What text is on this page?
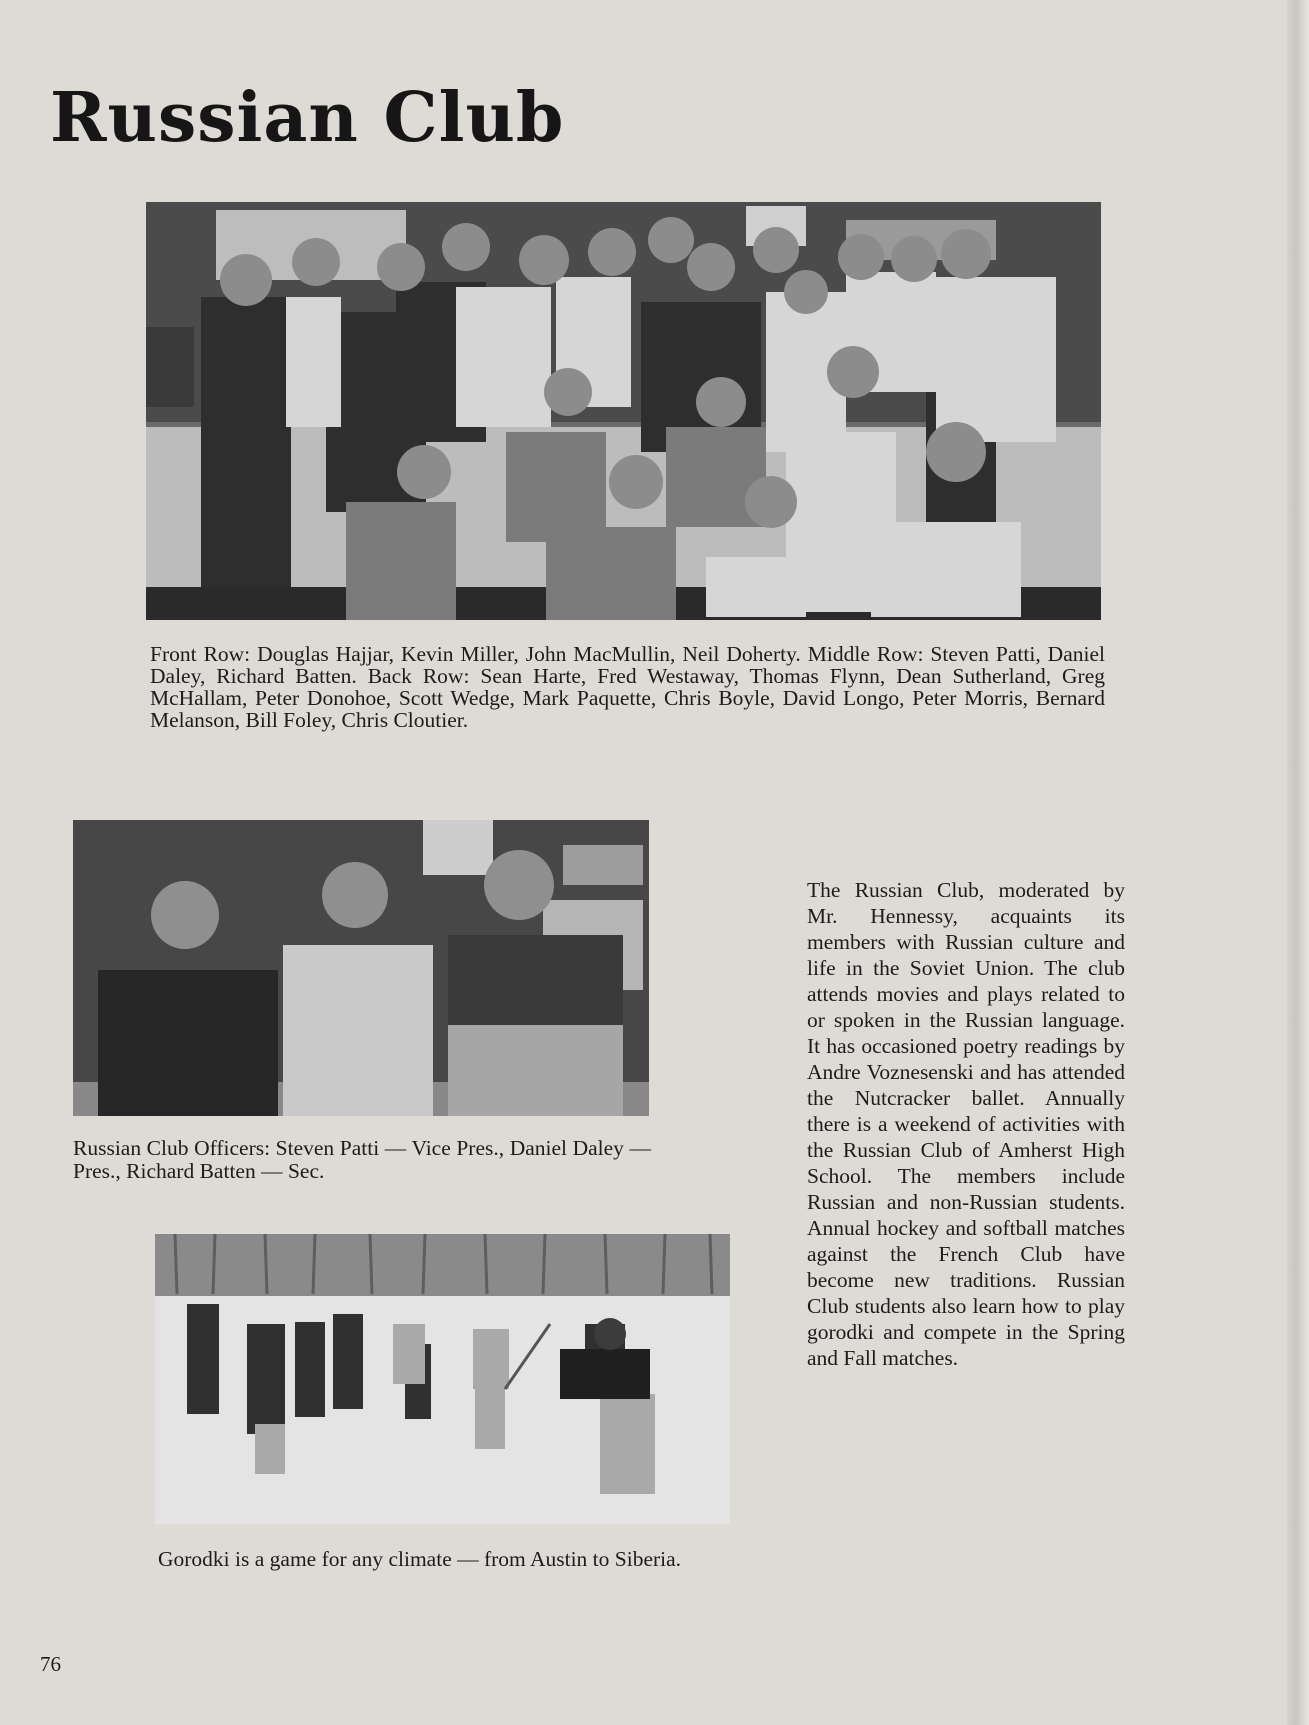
Russian Club

Front Row: Douglas Hajjar, Kevin Miller, John MacMullin, Neil Doherty. Middle Row: Steven Patti, Daniel Daley, Richard Batten. Back Row: Sean Harte, Fred Westaway, Thomas Flynn, Dean Sutherland, Greg McHallam, Peter Donohoe, Scott Wedge, Mark Paquette, Chris Boyle, David Longo, Peter Morris, Bernard Melanson, Bill Foley, Chris Cloutier.

Russian Club Officers: Steven Patti — Vice Pres., Daniel Daley — Pres., Richard Batten — Sec.

Gorodki is a game for any climate — from Austin to Siberia.

The Russian Club, moderated by Mr. Hennessy, acquaints its members with Russian culture and life in the Soviet Union. The club attends movies and plays related to or spoken in the Russian language. It has occasioned poetry readings by Andre Voznesenski and has attended the Nutcracker ballet. Annually there is a weekend of activities with the Russian Club of Amherst High School. The members include Russian and non-Russian students. Annual hockey and softball matches against the French Club have become new traditions. Russian Club students also learn how to play gorodki and compete in the Spring and Fall matches.

76
